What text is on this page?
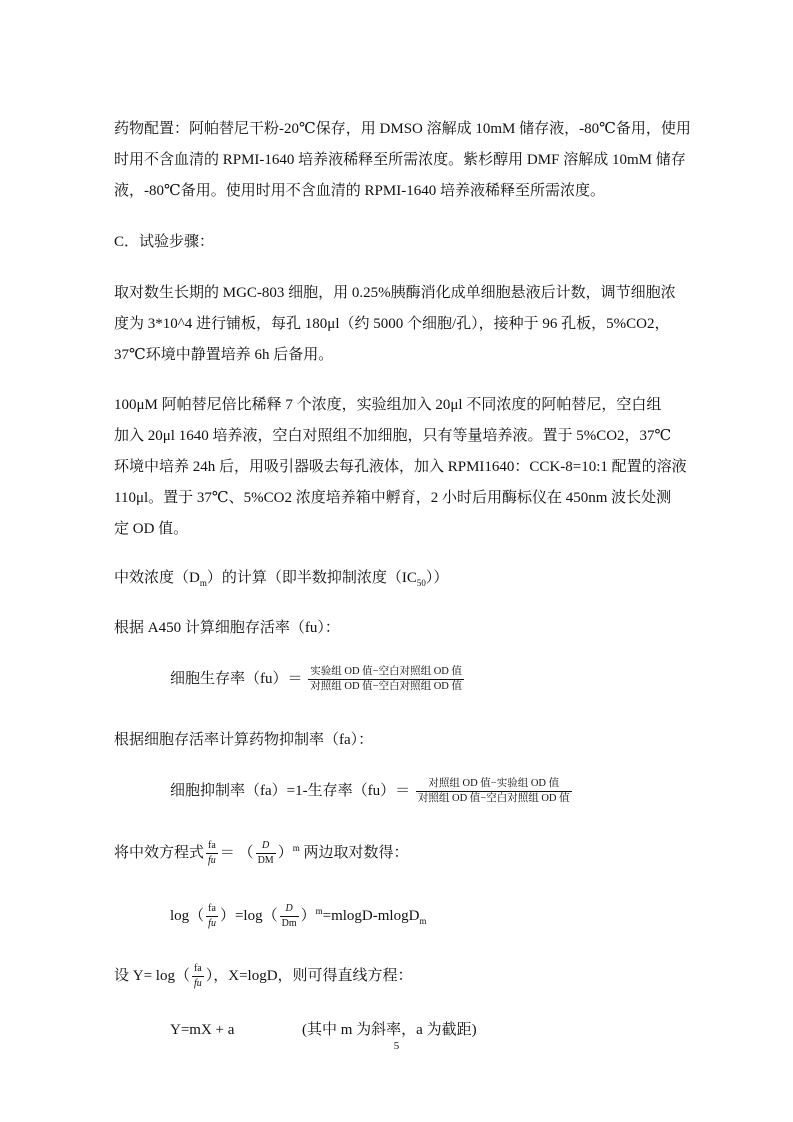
药物配置：阿帕替尼干粉-20℃保存，用 DMSO 溶解成 10mM 储存液，-80℃备用，使用
时用不含血清的 RPMI-1640 培养液稀释至所需浓度。紫杉醇用 DMF 溶解成 10mM 储存
液，-80℃备用。使用时用不含血清的 RPMI-1640 培养液稀释至所需浓度。
C．试验步骤：
取对数生长期的 MGC-803 细胞，用 0.25%胰酶消化成单细胞悬液后计数，调节细胞浓
度为 3*10^4 进行铺板，每孔 180μl（约 5000 个细胞/孔），接种于 96 孔板，5%CO2，
37℃环境中静置培养 6h 后备用。
100μM 阿帕替尼倍比稀释 7 个浓度，实验组加入 20μl 不同浓度的阿帕替尼，空白组
加入 20μl 1640 培养液，空白对照组不加细胞，只有等量培养液。置于 5%CO2，37℃
环境中培养 24h 后，用吸引器吸去每孔液体，加入 RPMI1640：CCK-8=10:1 配置的溶液
110μl。置于 37℃、5%CO2 浓度培养箱中孵育，2 小时后用酶标仪在 450nm 波长处测
定 OD 值。
中效浓度$(D_m)$的计算（即半数抑制浓度$(IC_{50})$）
根据 A450 计算细胞存活率（fu）：
细胞生存率$(fu)= \frac{\text{实验组 OD 值−空白对照组 OD 值}}{\text{对照组 OD 值−空白对照组 OD 值}}$
根据细胞存活率计算药物抑制率（fa）：
细胞抑制率（fa）=1-生存率$(fu)= \frac{\text{对照组 OD 值−实验组 OD 值}}{\text{对照组 OD 值−空白对照组 OD 值}}$
将中效方程式 $\frac{fa}{fu}$ ＝ （ $\frac{D}{DM} )^m$ 两边取对数得：
$\log( \frac{fa}{fu} )=\log( \frac{D}{Dm} )^m=mlogD-mlogD_m$
设 $Y= \log( \frac{fa}{fu}$ ），X=logD，则可得直线方程：
Y=mX + a	(其中 m 为斜率，a 为截距)
5
